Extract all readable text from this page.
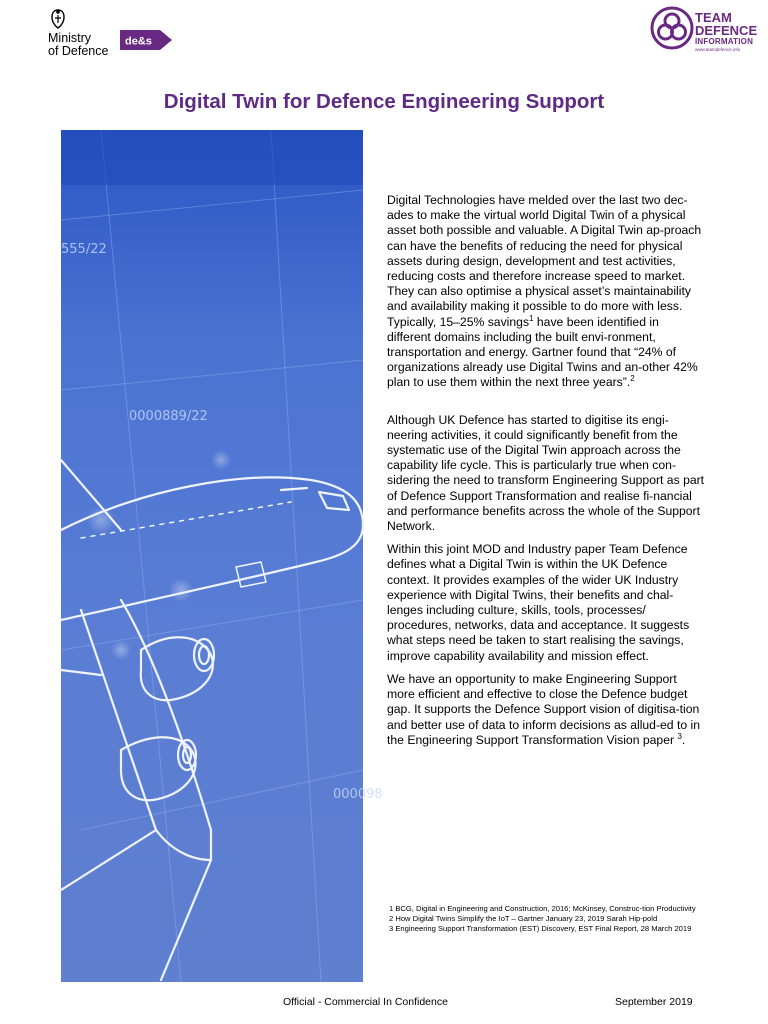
Ministry
of Defence
de&s
TEAM
DEFENCE
INFORMATION
www.teamdefence.info
Digital Twin for Defence Engineering Support
555/22
0000889/22
000098

Digital Technologies have melded over the last two dec-ades to make the virtual world Digital Twin of a physical asset both possible and valuable. A Digital Twin ap-proach can have the benefits of reducing the need for physical assets during design, development and test activities, reducing costs and therefore increase speed to market. They can also optimise a physical asset’s maintainability and availability making it possible to do more with less. Typically, 15–25% savings$^1$ have been identified in different domains including the built envi-ronment, transportation and energy. Gartner found that “24% of organizations already use Digital Twins and an-other 42% plan to use them within the next three years”.$^2$

Although UK Defence has started to digitise its engi-neering activities, it could significantly benefit from the systematic use of the Digital Twin approach across the capability life cycle. This is particularly true when con-sidering the need to transform Engineering Support as part of Defence Support Transformation and realise fi-nancial and performance benefits across the whole of the Support Network.

Within this joint MOD and Industry paper Team Defence defines what a Digital Twin is within the UK Defence context. It provides examples of the wider UK Industry experience with Digital Twins, their benefits and chal-lenges including culture, skills, tools, processes/ procedures, networks, data and acceptance. It suggests what steps need be taken to start realising the savings, improve capability availability and mission effect.

We have an opportunity to make Engineering Support more efficient and effective to close the Defence budget gap. It supports the Defence Support vision of digitisa-tion and better use of data to inform decisions as allud-ed to in the Engineering Support Transformation Vision paper $^3$.

1 BCG, Digital in Engineering and Construction, 2016; McKinsey, Construc-tion Productivity
2 How Digital Twins Simplify the IoT – Gartner January 23, 2019 Sarah Hip-pold
3 Engineering Support Transformation (EST) Discovery, EST Final Report, 28 March 2019
Official - Commercial In Confidence	September 2019
